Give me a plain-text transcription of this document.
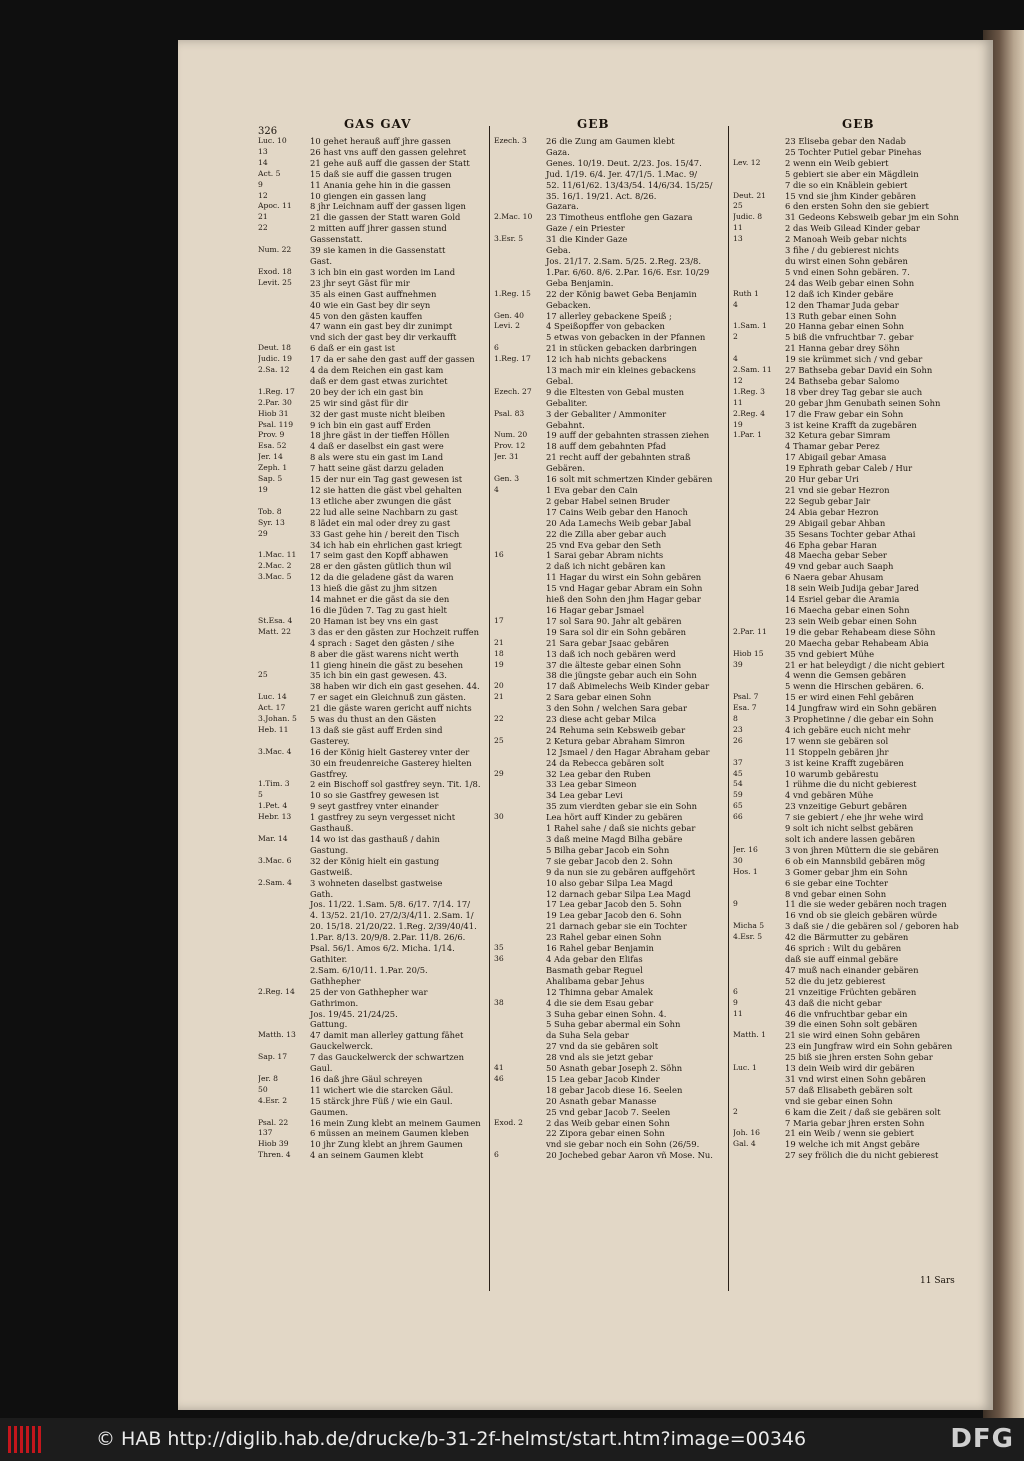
326
GAS GAV	GEB	GEB
Luc. 10	10 gehet herauß auff jhre gassen
13	26 hast vns auff den gassen gelehret
14	21 gehe auß auff die gassen der Statt
Act. 5	15 daß sie auff die gassen trugen
9	11 Anania gehe hin in die gassen
12	10 giengen ein gassen lang
Apoc. 11	8 jhr Leichnam auff der gassen ligen
21	21 die gassen der Statt waren Gold
22	2 mitten auff jhrer gassen stund
Gassenstatt.
Num. 22	39 sie kamen in die Gassenstatt
Gast.
Exod. 18	3 ich bin ein gast worden im Land
Levit. 25	23 jhr seyt Gäst für mir
35 als einen Gast auffnehmen
40 wie ein Gast bey dir seyn
45 von den gästen kauffen
47 wann ein gast bey dir zunimpt
vnd sich der gast bey dir verkaufft
Deut. 18	6 daß er ein gast ist
Judic. 19	17 da er sahe den gast auff der gassen
2.Sa. 12	4 da dem Reichen ein gast kam
daß er dem gast etwas zurichtet
1.Reg. 17	20 bey der ich ein gast bin
2.Par. 30	25 wir sind gäst für dir
Hiob 31	32 der gast muste nicht bleiben
Psal. 119	9 ich bin ein gast auff Erden
Prov. 9	18 jhre gäst in der tieffen Höllen
Esa. 52	4 daß er daselbst ein gast were
Jer. 14	8 als were stu ein gast im Land
Zeph. 1	7 hatt seine gäst darzu geladen
Sap. 5	15 der nur ein Tag gast gewesen ist
19	12 sie hatten die gäst vbel gehalten
13 etliche aber zwungen die gäst
Tob. 8	22 lud alle seine Nachbarn zu gast
Syr. 13	8 lädet ein mal oder drey zu gast
29	33 Gast gehe hin / bereit den Tisch
34 ich hab ein ehrlichen gast kriegt
1.Mac. 11	17 seim gast den Kopff abhawen
2.Mac. 2	28 er den gästen gütlich thun wil
3.Mac. 5	12 da die geladene gäst da waren
13 hieß die gäst zu jhm sitzen
14 mahnet er die gäst da sie den
16 die Jüden 7. Tag zu gast hielt
St.Esa. 4	20 Haman ist bey vns ein gast
Matt. 22	3 das er den gästen zur Hochzeit ruffen
4 sprach : Saget den gästen / sihe
8 aber die gäst warens nicht werth
11 gieng hinein die gäst zu besehen
25	35 ich bin ein gast gewesen. 43.
38 haben wir dich ein gast gesehen. 44.
Luc. 14	7 er saget ein Gleichnuß zun gästen.
Act. 17	21 die gäste waren gericht auff nichts
3.Johan. 5	5 was du thust an den Gästen
Heb. 11	13 daß sie gäst auff Erden sind
Gasterey.
3.Mac. 4	16 der König hielt Gasterey vnter der
30 ein freudenreiche Gasterey hielten
Gastfrey.
1.Tim. 3	2 ein Bischoff sol gastfrey seyn. Tit. 1/8.
5	10 so sie Gastfrey gewesen ist
1.Pet. 4	9 seyt gastfrey vnter einander
Hebr. 13	1 gastfrey zu seyn vergesset nicht
Gasthauß.
Mar. 14	14 wo ist das gasthauß / dahin
Gastung.
3.Mac. 6	32 der König hielt ein gastung
Gastweiß.
2.Sam. 4	3 wohneten daselbst gastweise
Gath.
Jos. 11/22. 1.Sam. 5/8. 6/17. 7/14. 17/
4. 13/52. 21/10. 27/2/3/4/11. 2.Sam. 1/
20. 15/18. 21/20/22. 1.Reg. 2/39/40/41.
1.Par. 8/13. 20/9/8. 2.Par. 11/8. 26/6.
Psal. 56/1. Amos 6/2. Micha. 1/14.
Gathiter.
2.Sam. 6/10/11. 1.Par. 20/5.
Gathhepher
2.Reg. 14	25 der von Gathhepher war
Gathrimon.
Jos. 19/45. 21/24/25.
Gattung.
Matth. 13	47 damit man allerley gattung fähet
Gauckelwerck.
Sap. 17	7 das Gauckelwerck der schwartzen
Gaul.
Jer. 8	16 daß jhre Gäul schreyen
50	11 wichert wie die starcken Gäul.
4.Esr. 2	15 stärck jhre Füß / wie ein Gaul.
Gaumen.
Psal. 22	16 mein Zung klebt an meinem Gaumen
137	6 müssen an meinem Gaumen kleben
Hiob 39	10 jhr Zung klebt an jhrem Gaumen
Thren. 4	4 an seinem Gaumen klebt
Ezech. 3	26 die Zung am Gaumen klebt
Gaza.
Genes. 10/19. Deut. 2/23. Jos. 15/47.
Jud. 1/19. 6/4. Jer. 47/1/5. 1.Mac. 9/
52. 11/61/62. 13/43/54. 14/6/34. 15/25/
35. 16/1. 19/21. Act. 8/26.
Gazara.
2.Mac. 10	23 Timotheus entflohe gen Gazara
Gaze / ein Priester
3.Esr. 5	31 die Kinder Gaze
Geba.
Jos. 21/17. 2.Sam. 5/25. 2.Reg. 23/8.
1.Par. 6/60. 8/6. 2.Par. 16/6. Esr. 10/29
Geba Benjamin.
1.Reg. 15	22 der König bawet Geba Benjamin
Gebacken.
Gen. 40	17 allerley gebackene Speiß ;
Levi. 2	4 Speißopffer von gebacken
5 etwas von gebacken in der Pfannen
6	21 in stücken gebacken darbringen
1.Reg. 17	12 ich hab nichts gebackens
13 mach mir ein kleines gebackens
Gebal.
Ezech. 27	9 die Eltesten von Gebal musten
Gebaliter.
Psal. 83	3 der Gebaliter / Ammoniter
Gebahnt.
Num. 20	19 auff der gebahnten strassen ziehen
Prov. 12	18 auff dem gebahnten Pfad
Jer. 31	21 recht auff der gebahnten straß
Gebären.
Gen. 3	16 solt mit schmertzen Kinder gebären
4	1 Eva gebar den Cain
2 gebar Habel seinen Bruder
17 Cains Weib gebar den Hanoch
20 Ada Lamechs Weib gebar Jabal
22 die Zilla aber gebar auch
25 vnd Eva gebar den Seth
16	1 Sarai gebar Abram nichts
2 daß ich nicht gebären kan
11 Hagar du wirst ein Sohn gebären
15 vnd Hagar gebar Abram ein Sohn
hieß den Sohn den jhm Hagar gebar
16 Hagar gebar Jsmael
17	17 sol Sara 90. Jahr alt gebären
19 Sara sol dir ein Sohn gebären
21	21 Sara gebar Jsaac gebären
18	13 daß ich noch gebären werd
19	37 die älteste gebar einen Sohn
38 die jüngste gebar auch ein Sohn
20	17 daß Abimelechs Weib Kinder gebar
21	2 Sara gebar einen Sohn
3 den Sohn / welchen Sara gebar
22	23 diese acht gebar Milca
24 Rehuma sein Kebsweib gebar
25	2 Ketura gebar Abraham Simron
12 Jsmael / den Hagar Abraham gebar
24 da Rebecca gebären solt
29	32 Lea gebar den Ruben
33 Lea gebar Simeon
34 Lea gebar Levi
35 zum vierdten gebar sie ein Sohn
30	Lea hört auff Kinder zu gebären
1 Rahel sahe / daß sie nichts gebar
3 daß meine Magd Bilha gebäre
5 Bilha gebar Jacob ein Sohn
7 sie gebar Jacob den 2. Sohn
9 da nun sie zu gebären auffgehört
10 also gebar Silpa Lea Magd
12 darnach gebar Silpa Lea Magd
17 Lea gebar Jacob den 5. Sohn
19 Lea gebar Jacob den 6. Sohn
21 darnach gebar sie ein Tochter
23 Rahel gebar einen Sohn
35	16 Rahel gebar Benjamin
36	4 Ada gebar den Elifas
Basmath gebar Reguel
Ahalibama gebar Jehus
12 Thimna gebar Amalek
38	4 die sie dem Esau gebar
3 Suha gebar einen Sohn. 4.
5 Suha gebar abermal ein Sohn
da Suha Sela gebar
27 vnd da sie gebären solt
28 vnd als sie jetzt gebar
41	50 Asnath gebar Joseph 2. Söhn
46	15 Lea gebar Jacob Kinder
18 gebar Jacob diese 16. Seelen
20 Asnath gebar Manasse
25 vnd gebar Jacob 7. Seelen
Exod. 2	2 das Weib gebar einen Sohn
22 Zipora gebar einen Sohn
vnd sie gebar noch ein Sohn (26/59.
6	20 Jochebed gebar Aaron vñ Mose. Nu.
23 Eliseba gebar den Nadab
25 Tochter Putiel gebar Pinehas
Lev. 12	2 wenn ein Weib gebiert
5 gebiert sie aber ein Mägdlein
7 die so ein Knäblein gebiert
Deut. 21	15 vnd sie jhm Kinder gebären
25	6 den ersten Sohn den sie gebiert
Judic. 8	31 Gedeons Kebsweib gebar jm ein Sohn
11	2 das Weib Gilead Kinder gebar
13	2 Manoah Weib gebar nichts
3 fihe / du gebierest nichts
du wirst einen Sohn gebären
5 vnd einen Sohn gebären. 7.
24 das Weib gebar einen Sohn
Ruth 1	12 daß ich Kinder gebäre
4	12 den Thamar Juda gebar
13 Ruth gebar einen Sohn
1.Sam. 1	20 Hanna gebar einen Sohn
2	5 biß die vnfruchtbar 7. gebar
21 Hanna gebar drey Söhn
4	19 sie krümmet sich / vnd gebar
2.Sam. 11	27 Bathseba gebar David ein Sohn
12	24 Bathseba gebar Salomo
1.Reg. 3	18 vber drey Tag gebar sie auch
11	20 gebar jhm Genubath seinen Sohn
2.Reg. 4	17 die Fraw gebar ein Sohn
19	3 ist keine Krafft da zugebären
1.Par. 1	32 Ketura gebar Simram
4 Thamar gebar Perez
17 Abigail gebar Amasa
19 Ephrath gebar Caleb / Hur
20 Hur gebar Uri
21 vnd sie gebar Hezron
22 Segub gebar Jair
24 Abia gebar Hezron
29 Abigail gebar Ahban
35 Sesans Tochter gebar Athai
46 Epha gebar Haran
48 Maecha gebar Seber
49 vnd gebar auch Saaph
6 Naera gebar Ahusam
18 sein Weib Judija gebar Jared
14 Esriel gebar die Aramia
16 Maecha gebar einen Sohn
23 sein Weib gebar einen Sohn
2.Par. 11	19 die gebar Rehabeam diese Söhn
20 Maecha gebar Rehabeam Abia
Hiob 15	35 vnd gebiert Mühe
39	21 er hat beleydigt / die nicht gebiert
4 wenn die Gemsen gebären
5 wenn die Hirschen gebären. 6.
Psal. 7	15 er wird einen Fehl gebären
Esa. 7	14 Jungfraw wird ein Sohn gebären
8	3 Prophetinne / die gebar ein Sohn
23	4 ich gebäre euch nicht mehr
26	17 wenn sie gebären sol
11 Stoppeln gebären jhr
37	3 ist keine Krafft zugebären
45	10 warumb gebärestu
54	1 rühme die du nicht gebierest
59	4 vnd gebären Mühe
65	23 vnzeitige Geburt gebären
66	7 sie gebiert / ehe jhr wehe wird
9 solt ich nicht selbst gebären
solt ich andere lassen gebären
Jer. 16	3 von jhren Müttern die sie gebären
30	6 ob ein Mannsbild gebären mög
Hos. 1	3 Gomer gebar jhm ein Sohn
6 sie gebar eine Tochter
8 vnd gebar einen Sohn
9	11 die sie weder gebären noch tragen
16 vnd ob sie gleich gebären würde
Micha 5	3 daß sie / die gebären sol / geboren hab
4.Esr. 5	42 die Bärmutter zu gebären
46 sprich : Wilt du gebären
daß sie auff einmal gebäre
47 muß nach einander gebären
52 die du jetz gebierest
6	21 vnzeitige Früchten gebären
9	43 daß die nicht gebar
11	46 die vnfruchtbar gebar ein
39 die einen Sohn solt gebären
Matth. 1	21 sie wird einen Sohn gebären
23 ein Jungfraw wird ein Sohn gebären
25 biß sie jhren ersten Sohn gebar
Luc. 1	13 dein Weib wird dir gebären
31 vnd wirst einen Sohn gebären
57 daß Elisabeth gebären solt
vnd sie gebar einen Sohn
2	6 kam die Zeit / daß sie gebären solt
7 Maria gebar jhren ersten Sohn
Joh. 16	21 ein Weib / wenn sie gebiert
Gal. 4	19 welche ich mit Angst gebäre
27 sey frölich die du nicht gebierest
11 Sars
© HAB http://diglib.hab.de/drucke/b-31-2f-helmst/start.htm?image=00346	DFG
